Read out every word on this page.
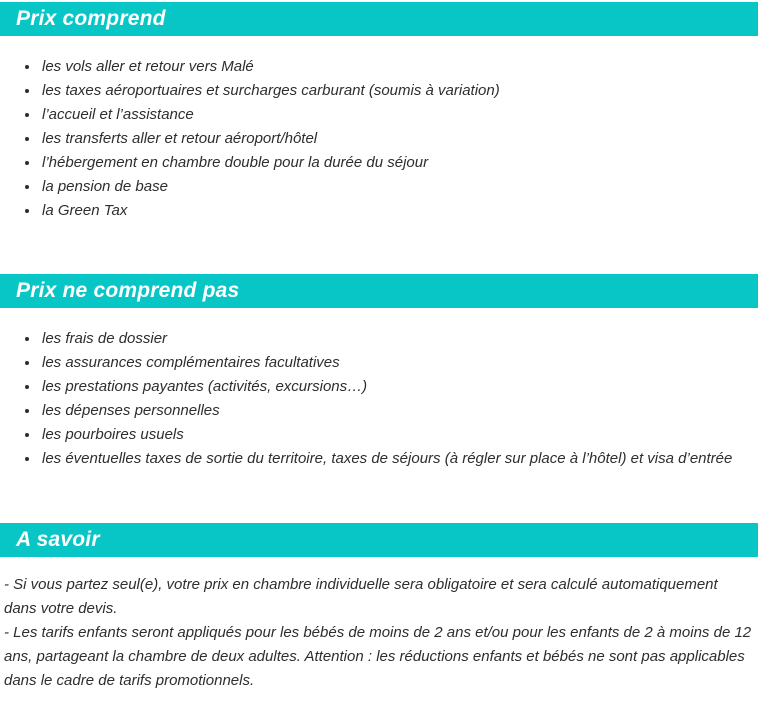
Prix comprend
• les vols aller et retour vers Malé
• les taxes aéroportuaires et surcharges carburant (soumis à variation)
• l’accueil et l’assistance
• les transferts aller et retour aéroport/hôtel
• l’hébergement en chambre double pour la durée du séjour
• la pension de base
• la Green Tax
Prix ne comprend pas
• les frais de dossier
• les assurances complémentaires facultatives
• les prestations payantes (activités, excursions…)
• les dépenses personnelles
• les pourboires usuels
• les éventuelles taxes de sortie du territoire, taxes de séjours (à régler sur place à l’hôtel) et visa d’entrée
A savoir

- Si vous partez seul(e), votre prix en chambre individuelle sera obligatoire et sera calculé automatiquement dans votre devis.

- Les tarifs enfants seront appliqués pour les bébés de moins de 2 ans et/ou pour les enfants de 2 à moins de 12 ans, partageant la chambre de deux adultes. Attention : les réductions enfants et bébés ne sont pas applicables dans le cadre de tarifs promotionnels.
